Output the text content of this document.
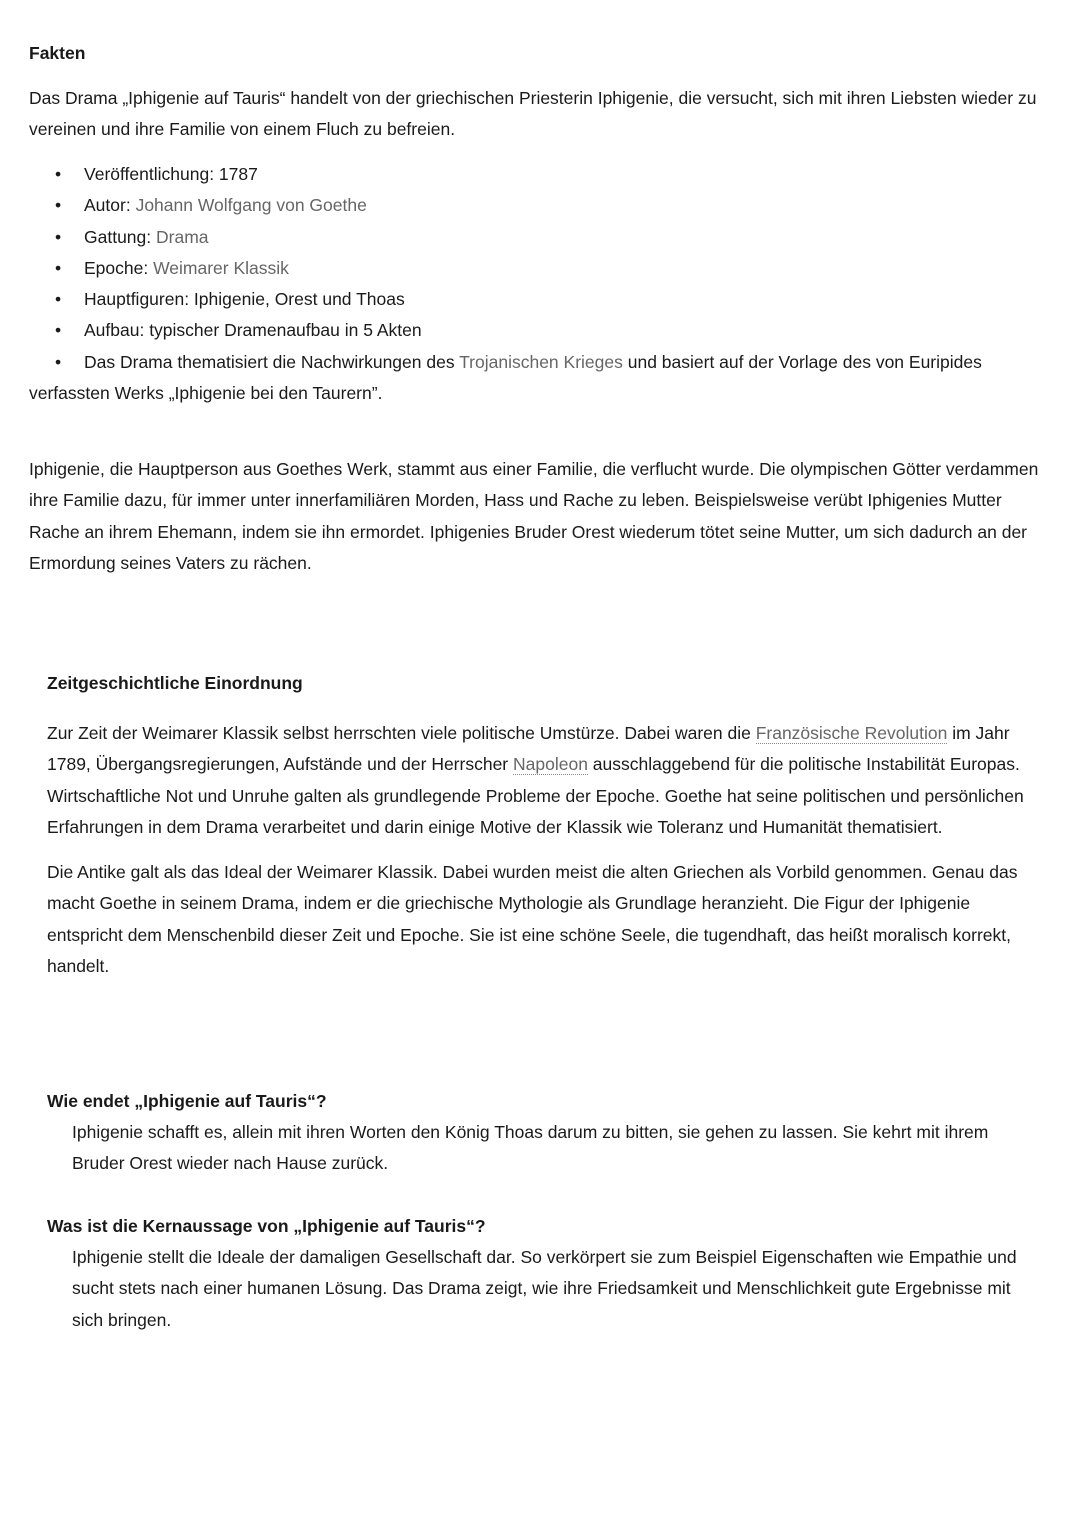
Fakten

Das Drama „Iphigenie auf Tauris“ handelt von der griechischen Priesterin Iphigenie, die versucht, sich mit ihren Liebsten wieder zu vereinen und ihre Familie von einem Fluch zu befreien.

• Veröffentlichung: 1787
• Autor: Johann Wolfgang von Goethe
• Gattung: Drama
• Epoche: Weimarer Klassik
• Hauptfiguren: Iphigenie, Orest und Thoas
• Aufbau: typischer Dramenaufbau in 5 Akten
• Das Drama thematisiert die Nachwirkungen des Trojanischen Krieges und basiert auf der Vorlage des von Euripides verfassten Werks „Iphigenie bei den Taurern”.

Iphigenie, die Hauptperson aus Goethes Werk, stammt aus einer Familie, die verflucht wurde. Die olympischen Götter verdammen ihre Familie dazu, für immer unter innerfamiliären Morden, Hass und Rache zu leben. Beispielsweise verübt Iphigenies Mutter Rache an ihrem Ehemann, indem sie ihn ermordet. Iphigenies Bruder Orest wiederum tötet seine Mutter, um sich dadurch an der Ermordung seines Vaters zu rächen.

Zeitgeschichtliche Einordnung

Zur Zeit der Weimarer Klassik selbst herrschten viele politische Umstürze. Dabei waren die Französische Revolution im Jahr 1789, Übergangsregierungen, Aufstände und der Herrscher Napoleon ausschlaggebend für die politische Instabilität Europas. Wirtschaftliche Not und Unruhe galten als grundlegende Probleme der Epoche. Goethe hat seine politischen und persönlichen Erfahrungen in dem Drama verarbeitet und darin einige Motive der Klassik wie Toleranz und Humanität thematisiert.

Die Antike galt als das Ideal der Weimarer Klassik. Dabei wurden meist die alten Griechen als Vorbild genommen. Genau das macht Goethe in seinem Drama, indem er die griechische Mythologie als Grundlage heranzieht. Die Figur der Iphigenie entspricht dem Menschenbild dieser Zeit und Epoche. Sie ist eine schöne Seele, die tugendhaft, das heißt moralisch korrekt, handelt.

Wie endet „Iphigenie auf Tauris“?

Iphigenie schafft es, allein mit ihren Worten den König Thoas darum zu bitten, sie gehen zu lassen. Sie kehrt mit ihrem Bruder Orest wieder nach Hause zurück.

Was ist die Kernaussage von „Iphigenie auf Tauris“?

Iphigenie stellt die Ideale der damaligen Gesellschaft dar. So verkörpert sie zum Beispiel Eigenschaften wie Empathie und sucht stets nach einer humanen Lösung. Das Drama zeigt, wie ihre Friedsamkeit und Menschlichkeit gute Ergebnisse mit sich bringen.
